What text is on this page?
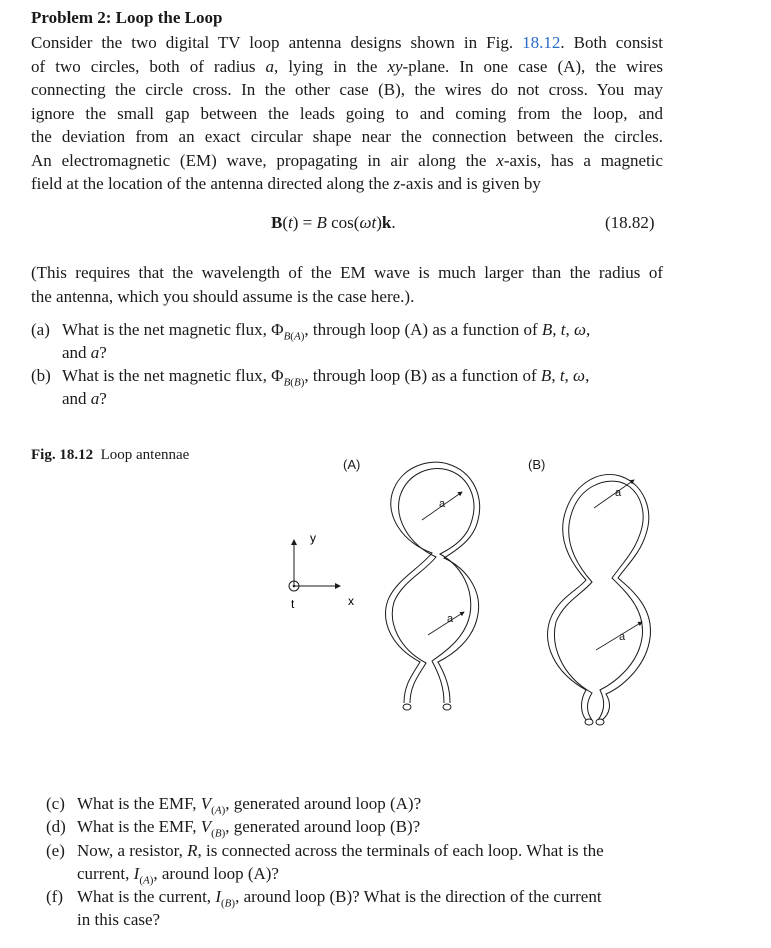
Problem 2: Loop the Loop
Consider the two digital TV loop antenna designs shown in Fig. 18.12. Both consist
of two circles, both of radius a, lying in the xy-plane. In one case (A), the wires
connecting the circle cross. In the other case (B), the wires do not cross. You may
ignore the small gap between the leads going to and coming from the loop, and
the deviation from an exact circular shape near the connection between the circles.
An electromagnetic (EM) wave, propagating in air along the x-axis, has a magnetic
field at the location of the antenna directed along the z-axis and is given by
B(t) = B cos(ωt)k.	(18.82)
(This requires that the wavelength of the EM wave is much larger than the radius of
the antenna, which you should assume is the case here.).
(a) What is the net magnetic flux, $\Phi_{B(A)}$, through loop (A) as a function of B, t, ω,
and a?
(b) What is the net magnetic flux, $\Phi_{B(B)}$, through loop (B) as a function of B, t, ω,
and a?
Fig. 18.12 Loop antennae
y
x
t
(A)
a
a
(B)
a
a
(c) What is the EMF, $V_{(A)}$, generated around loop (A)?
(d) What is the EMF, $V_{(B)}$, generated around loop (B)?
(e) Now, a resistor, R, is connected across the terminals of each loop. What is the
current, $I_{(A)}$, around loop (A)?
(f) What is the current, $I_{(B)}$, around loop (B)? What is the direction of the current
in this case?
